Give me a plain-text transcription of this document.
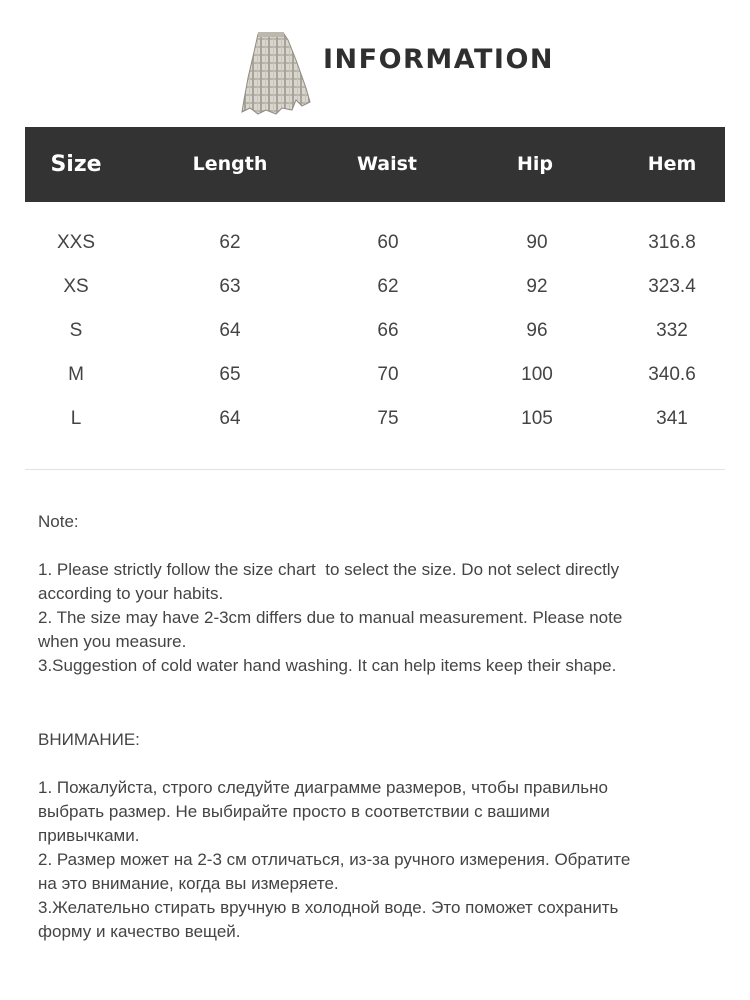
INFORMATION
Size	Length	Waist	Hip	Hem
XXS	62	60	90	316.8
XS	63	62	92	323.4
S	64	66	96	332
M	65	70	100	340.6
L	64	75	105	341

Note:

1. Please strictly follow the size chart  to select the size. Do not select directly

according to your habits.

2. The size may have 2-3cm differs due to manual measurement. Please note

when you measure.

3.Suggestion of cold water hand washing. It can help items keep their shape.

ВНИМАНИЕ:

1. Пожалуйста, строго следуйте диаграмме размеров, чтобы правильно

выбрать размер. Не выбирайте просто в соответствии с вашими

привычками.

2. Размер может на 2-3 см отличаться, из-за ручного измерения. Обратите

на это внимание, когда вы измеряете.

3.Желательно стирать вручную в холодной воде. Это поможет сохранить

форму и качество вещей.
